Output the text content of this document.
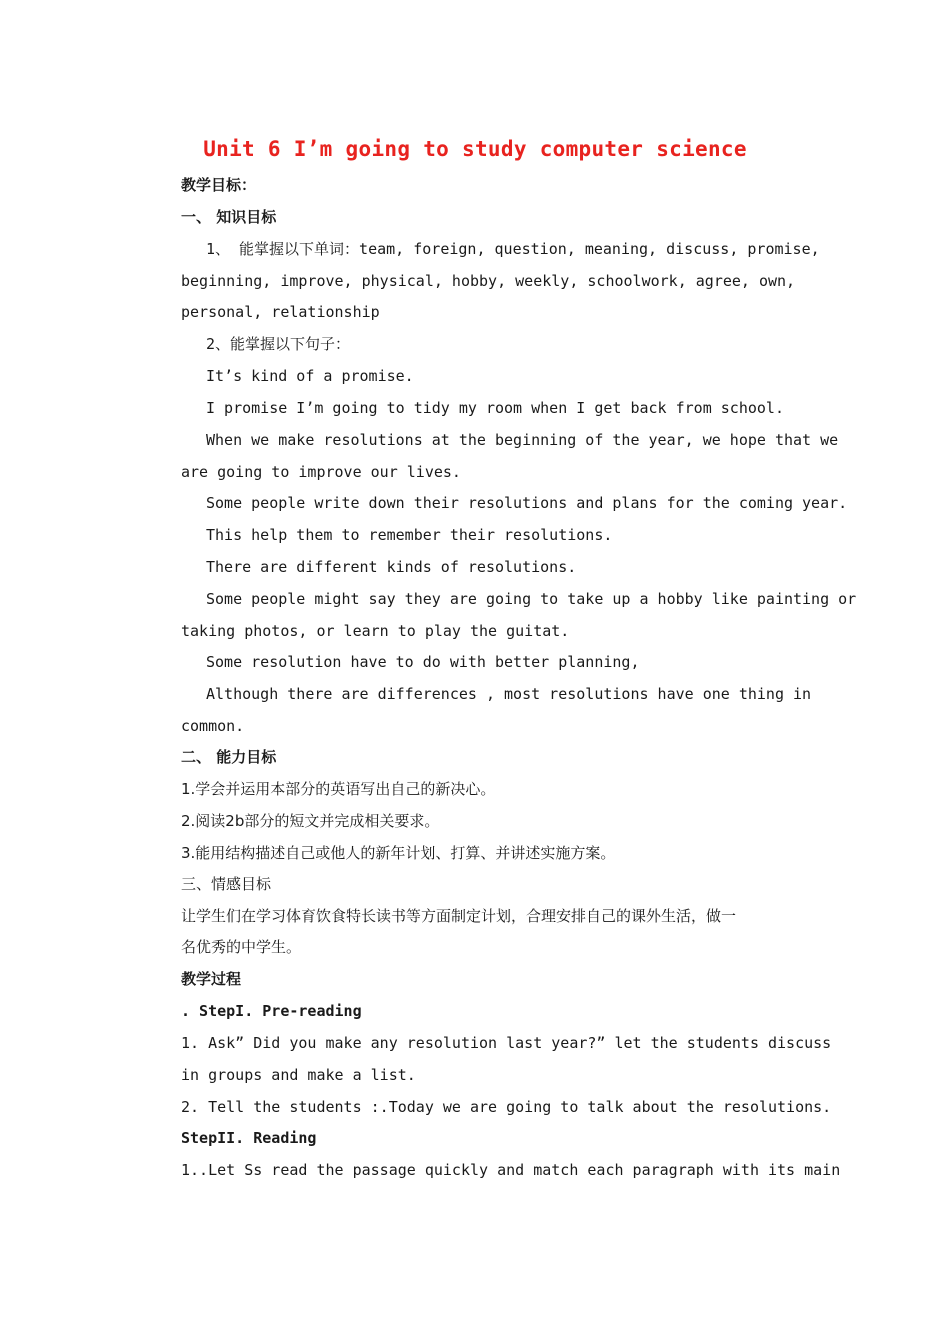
Unit 6 I’m going to study computer science
教学目标：
一、 知识目标
1、 能掌握以下单词：team, foreign, question, meaning, discuss, promise,
beginning, improve, physical, hobby, weekly, schoolwork, agree, own,
personal, relationship
2、能掌握以下句子：
It’s kind of a promise.
I promise I’m going to tidy my room when I get back from school.
When we make resolutions at the beginning of the year, we hope that we
are going to improve our lives.
Some people write down their resolutions and plans for the coming year.
This help them to remember their resolutions.
There are different kinds of resolutions.
Some people might say they are going to take up a hobby like painting or
taking photos, or learn to play the guitat.
Some resolution have to do with better planning,
Although there are differences , most resolutions have one thing in
common.
二、 能力目标
1.学会并运用本部分的英语写出自己的新决心。
2.阅读2b部分的短文并完成相关要求。
3.能用结构描述自己或他人的新年计划、打算、并讲述实施方案。
三、情感目标
让学生们在学习体育饮食特长读书等方面制定计划，合理安排自己的课外生活，做一
名优秀的中学生。
教学过程
. StepI. Pre-reading
1. Ask” Did you make any resolution last year?” let the students discuss
in groups and make a list.
2. Tell the students :.Today we are going to talk about the resolutions.
StepII. Reading
1..Let Ss read the passage quickly and match each paragraph with its main
